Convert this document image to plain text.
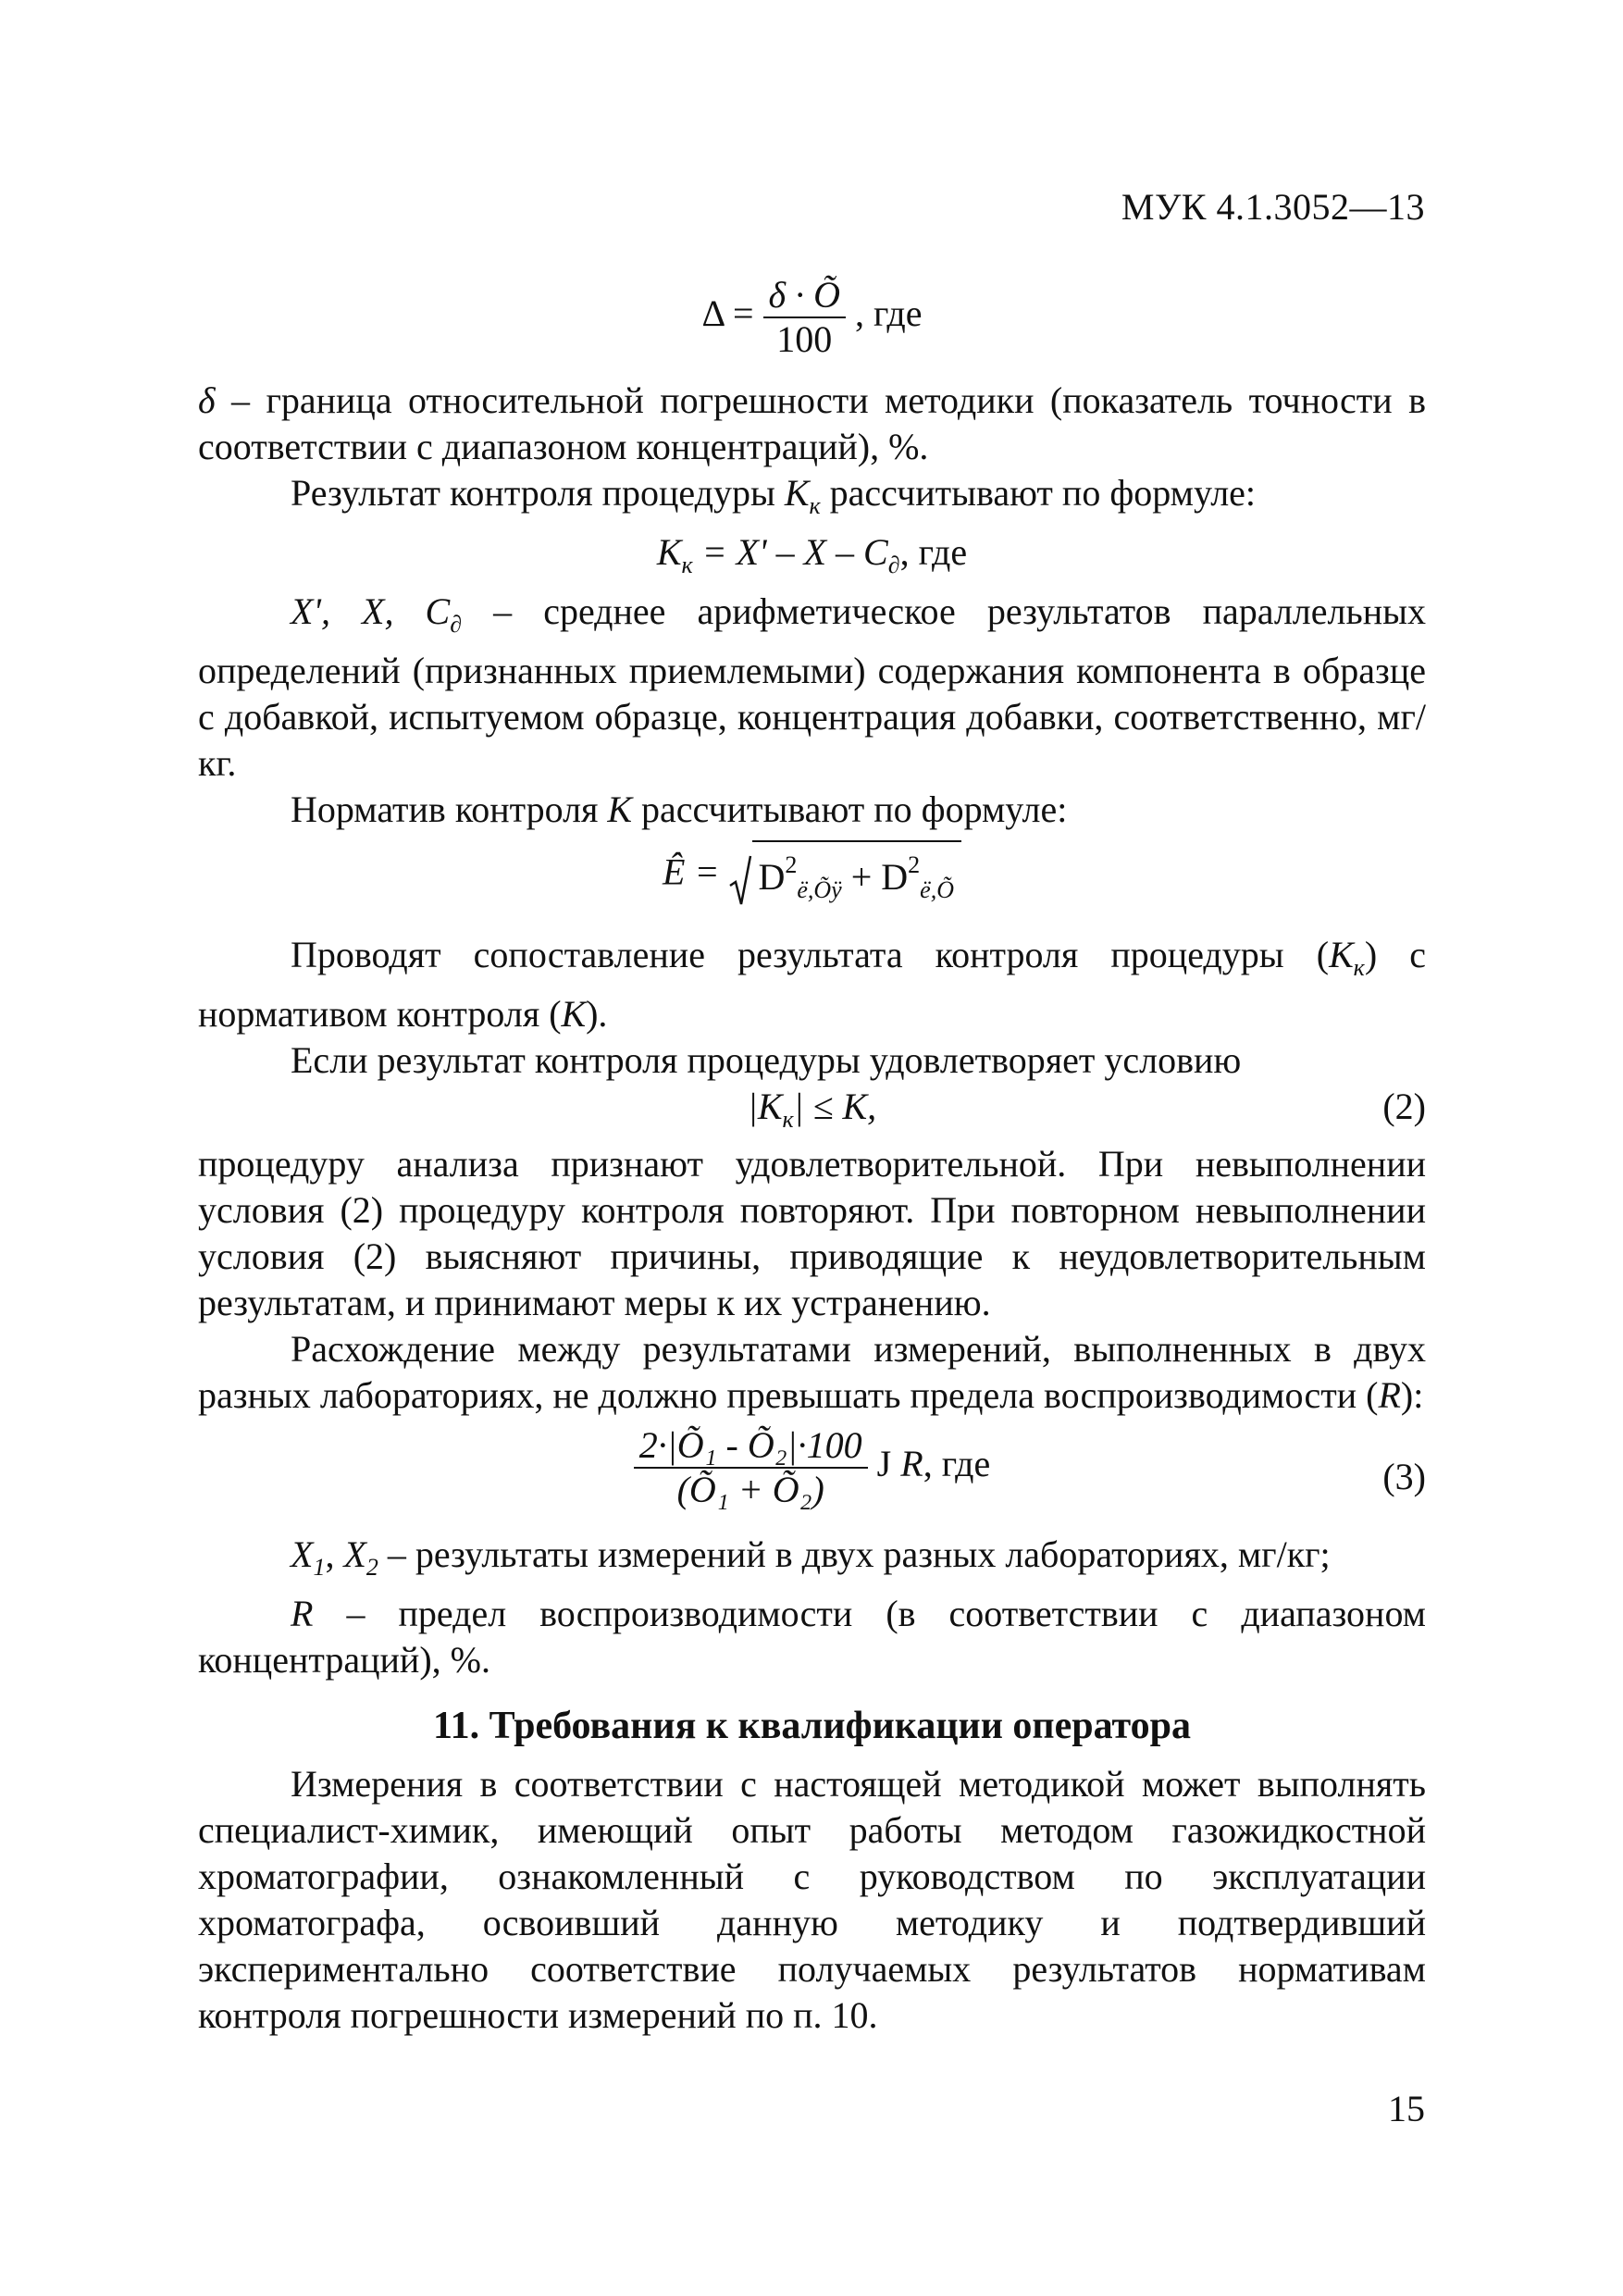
МУК 4.1.3052—13
$\Delta = \frac{\delta \cdot Õ}{100}$ , где

δ – граница относительной погрешности методики (показатель точности в соответствии с диапазоном концентраций), %.

Результат контроля процедуры $К_к$ рассчитывают по формуле:

$К_к = X' - X - C_\partial$, где

X', X, $C_\partial$ – среднее арифметическое результатов параллельных определений (признанных приемлемыми) содержания компонента в образце с добавкой, испытуемом образце, концентрация добавки, соответственно, мг/кг.

Норматив контроля К рассчитывают по формуле:

Ê = $D^2_{ë,Õÿ} + D^2_{ë,Õ}$

Проводят сопоставление результата контроля процедуры $(К_к)$ с нормативом контроля (К).

Если результат контроля процедуры удовлетворяет условию

$|К_к| \le К$,	(2)

процедуру анализа признают удовлетворительной. При невыполнении условия (2) процедуру контроля повторяют. При повторном невыполнении условия (2) выясняют причины, приводящие к неудовлетворительным результатам, и принимают меры к их устранению.

Расхождение между результатами измерений, выполненных в двух разных лабораториях, не должно превышать предела воспроизводимости (R):

$\frac{\text{2·|Õ₁ - Õ₂|·100}}{\text{(Õ₁ + Õ₂)}}$ J R, где	(3)

$X_1$, $X_2$ – результаты измерений в двух разных лабораториях, мг/кг;

R – предел воспроизводимости (в соответствии с диапазоном концентраций), %.

11. Требования к квалификации оператора

Измерения в соответствии с настоящей методикой может выполнять специалист-химик, имеющий опыт работы методом газожидкостной хроматографии, ознакомленный с руководством по эксплуатации хроматографа, освоивший данную методику и подтвердивший экспериментально соответствие получаемых результатов нормативам контроля погрешности измерений по п. 10.

15
